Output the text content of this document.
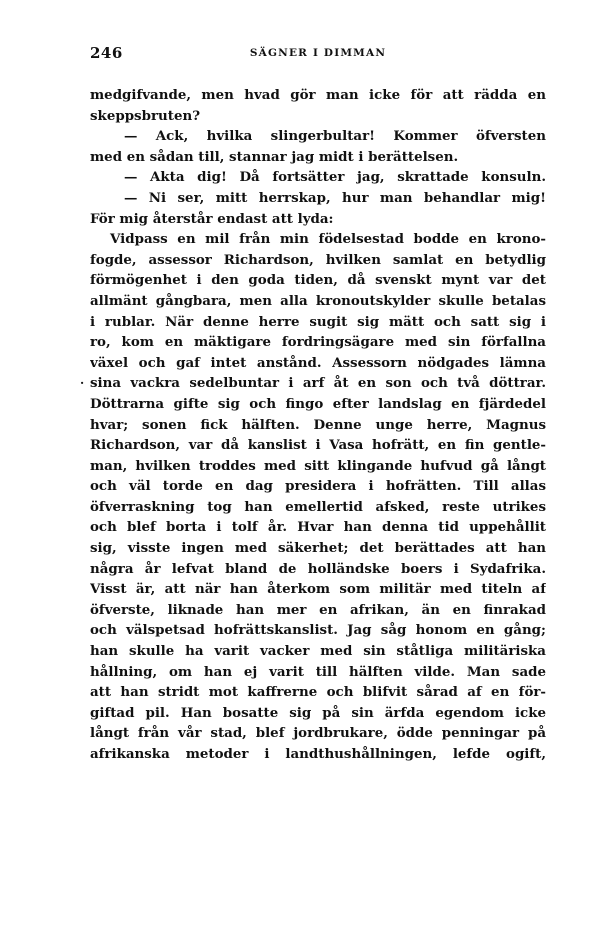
246	SÄGNER I DIMMAN
·
medgifvande, men hvad gör man icke för att rädda en
skeppsbruten?
— Ack, hvilka slingerbultar! Kommer öfversten
med en sådan till, stannar jag midt i berättelsen.
— Akta dig! Då fortsätter jag, skrattade konsuln.
— Ni ser, mitt herrskap, hur man behandlar mig!
För mig återstår endast att lyda:
Vidpass en mil från min födelsestad bodde en krono-
fogde, assessor Richardson, hvilken samlat en betydlig
förmögenhet i den goda tiden, då svenskt mynt var det
allmänt gångbara, men alla kronoutskylder skulle betalas
i rublar. När denne herre sugit sig mätt och satt sig i
ro, kom en mäktigare fordringsägare med sin förfallna
växel och gaf intet anstånd. Assessorn nödgades lämna
sina vackra sedelbuntar i arf åt en son och två döttrar.
Döttrarna gifte sig och fingo efter landslag en fjärdedel
hvar; sonen fick hälften. Denne unge herre, Magnus
Richardson, var då kanslist i Vasa hofrätt, en fin gentle-
man, hvilken troddes med sitt klingande hufvud gå långt
och väl torde en dag presidera i hofrätten. Till allas
öfverraskning tog han emellertid afsked, reste utrikes
och blef borta i tolf år. Hvar han denna tid uppehållit
sig, visste ingen med säkerhet; det berättades att han
några år lefvat bland de holländske boers i Sydafrika.
Visst är, att när han återkom som militär med titeln af
öfverste, liknade han mer en afrikan, än en finrakad
och välspetsad hofrättskanslist. Jag såg honom en gång;
han skulle ha varit vacker med sin ståtliga militäriska
hållning, om han ej varit till hälften vilde. Man sade
att han stridt mot kaffrerne och blifvit sårad af en för-
giftad pil. Han bosatte sig på sin ärfda egendom icke
långt från vår stad, blef jordbrukare, ödde penningar på
afrikanska metoder i landthushållningen, lefde ogift,
